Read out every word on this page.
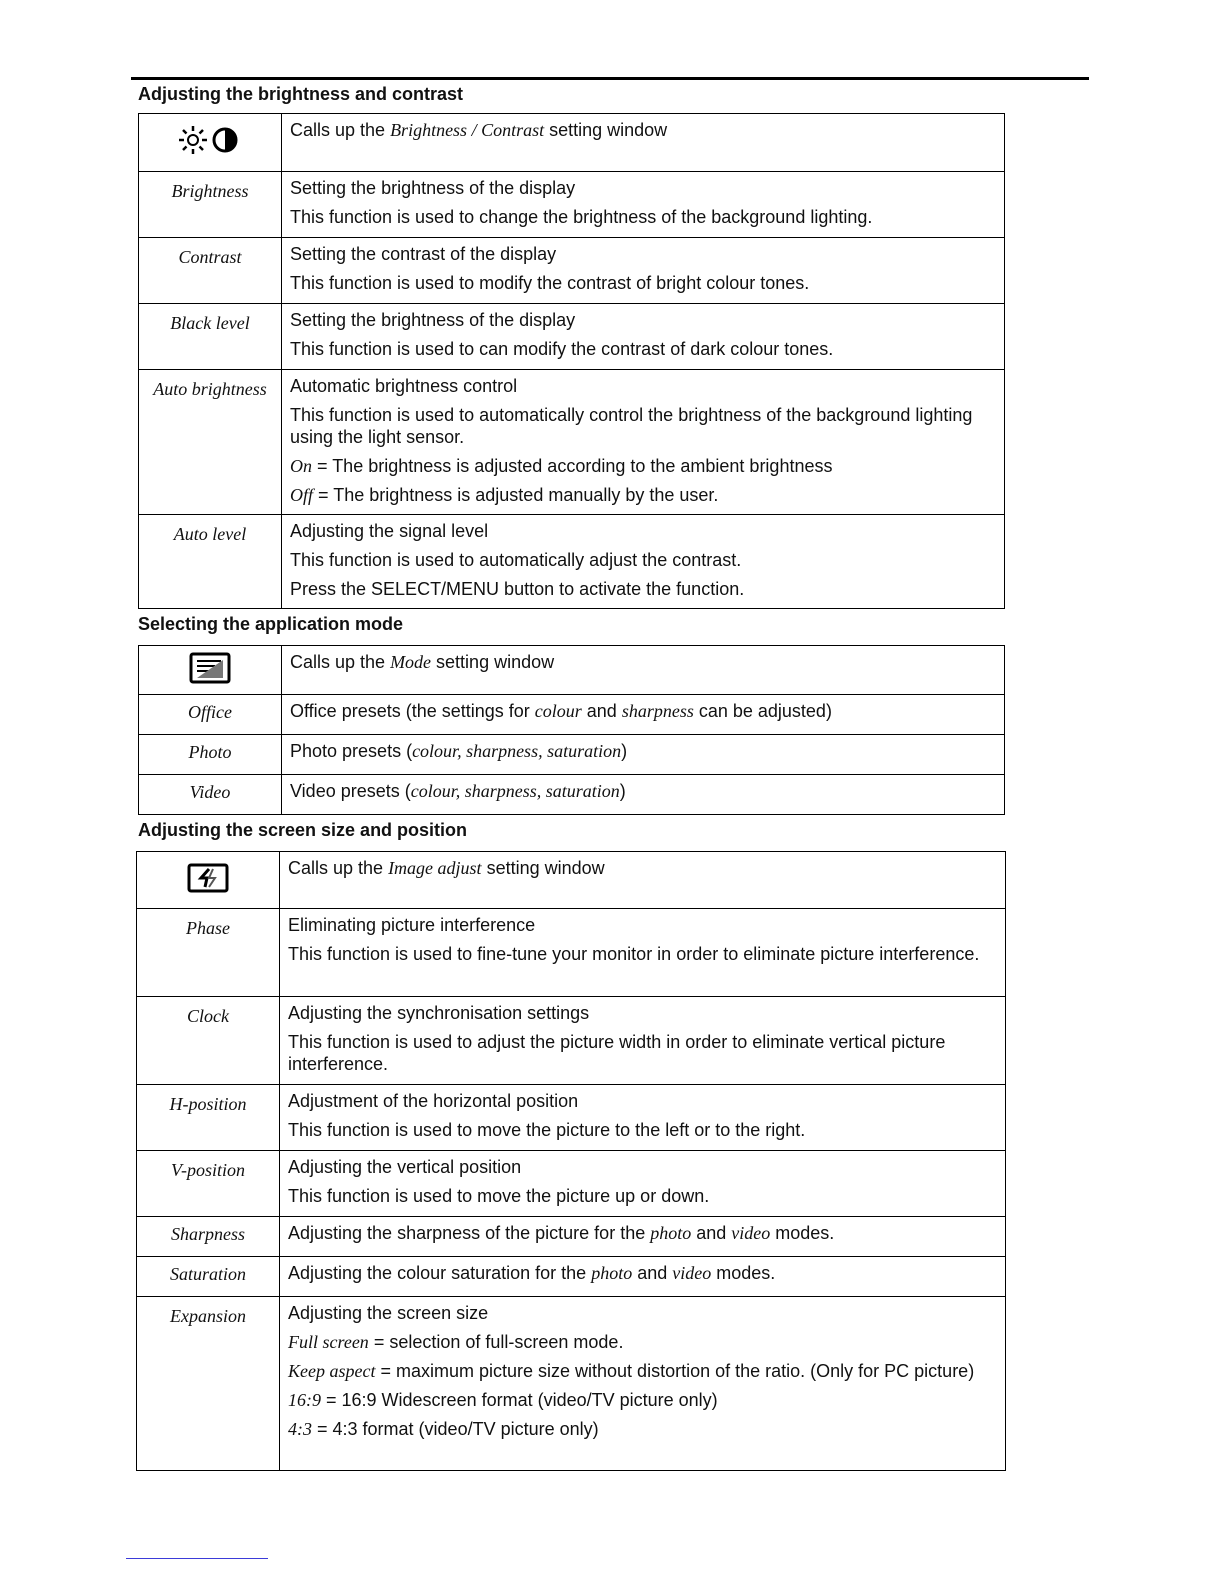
Adjusting the brightness and contrast

Calls up the Brightness / Contrast setting window

Brightness	Setting the brightness of the display
This function is used to change the brightness of the background lighting.

Contrast	Setting the contrast of the display
This function is used to modify the contrast of bright colour tones.

Black level	Setting the brightness of the display
This function is used to can modify the contrast of dark colour tones.

Auto brightness	Automatic brightness control
This function is used to automatically control the brightness of the background lighting using the light sensor.
On = The brightness is adjusted according to the ambient brightness
Off = The brightness is adjusted manually by the user.

Auto level	Adjusting the signal level
This function is used to automatically adjust the contrast.
Press the SELECT/MENU button to activate the function.
Selecting the application mode

Calls up the Mode setting window

Office	Office presets (the settings for colour and sharpness can be adjusted)

Photo	Photo presets (colour, sharpness, saturation)

Video	Video presets (colour, sharpness, saturation)
Adjusting the screen size and position

Calls up the Image adjust setting window

Phase	Eliminating picture interference
This function is used to fine-tune your monitor in order to eliminate picture interference.

Clock	Adjusting the synchronisation settings
This function is used to adjust the picture width in order to eliminate vertical picture interference.

H-position	Adjustment of the horizontal position
This function is used to move the picture to the left or to the right.

V-position	Adjusting the vertical position
This function is used to move the picture up or down.

Sharpness	Adjusting the sharpness of the picture for the photo and video modes.

Saturation	Adjusting the colour saturation for the photo and video modes.

Expansion	Adjusting the screen size
Full screen = selection of full-screen mode.
Keep aspect = maximum picture size without distortion of the ratio. (Only for PC picture)
16:9 = 16:9 Widescreen format (video/TV picture only)
4:3 = 4:3 format (video/TV picture only)
